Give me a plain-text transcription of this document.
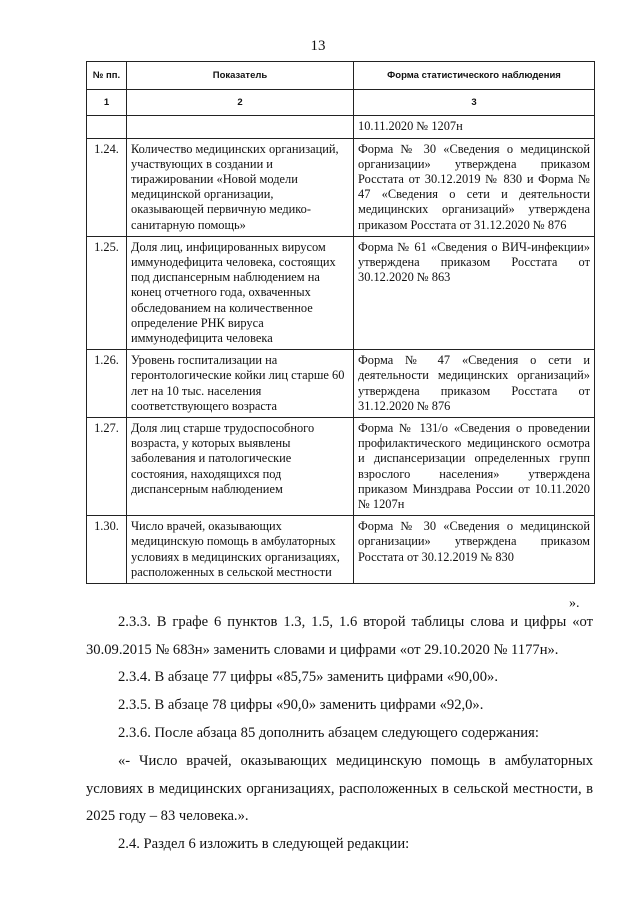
13
№ пп.	Показатель	Форма статистического наблюдения
1	2	3
		10.11.2020 № 1207н
1.24.	Количество медицинских организаций, участвующих в создании и тиражировании «Новой модели медицинской организации, оказывающей первичную медико-санитарную помощь»	Форма № 30 «Сведения о медицинской организации» утверждена приказом Росстата от 30.12.2019 № 830 и Форма № 47 «Сведения о сети и деятельности медицинских организаций» утверждена приказом Росстата от 31.12.2020 № 876
1.25.	Доля лиц, инфицированных вирусом иммунодефицита человека, состоящих под диспансерным наблюдением на конец отчетного года, охваченных обследованием на количественное определение РНК вируса иммунодефицита человека	Форма № 61 «Сведения о ВИЧ-инфекции» утверждена приказом Росстата от 30.12.2020 № 863
1.26.	Уровень госпитализации на геронтологические койки лиц старше 60 лет на 10 тыс. населения соответствующего возраста	Форма № 47 «Сведения о сети и деятельности медицинских организаций» утверждена приказом Росстата от 31.12.2020 № 876
1.27.	Доля лиц старше трудоспособного возраста, у которых выявлены заболевания и патологические состояния, находящихся под диспансерным наблюдением	Форма № 131/о «Сведения о проведении профилактического медицинского осмотра и диспансеризации определенных групп взрослого населения» утверждена приказом Минздрава России от 10.11.2020 № 1207н
1.30.	Число врачей, оказывающих медицинскую помощь в амбулаторных условиях в медицинских организациях, расположенных в сельской местности	Форма № 30 «Сведения о медицинской организации» утверждена приказом Росстата от 30.12.2019 № 830
».

2.3.3. В графе 6 пунктов 1.3, 1.5, 1.6 второй таблицы слова и цифры «от 30.09.2015 № 683н» заменить словами и цифрами «от 29.10.2020 № 1177н».

2.3.4. В абзаце 77 цифры «85,75» заменить цифрами «90,00».

2.3.5. В абзаце 78 цифры «90,0» заменить цифрами «92,0».

2.3.6. После абзаца 85 дополнить абзацем следующего содержания:

«- Число врачей, оказывающих медицинскую помощь в амбулаторных условиях в медицинских организациях, расположенных в сельской местности, в 2025 году – 83 человека.».

2.4. Раздел 6 изложить в следующей редакции:
